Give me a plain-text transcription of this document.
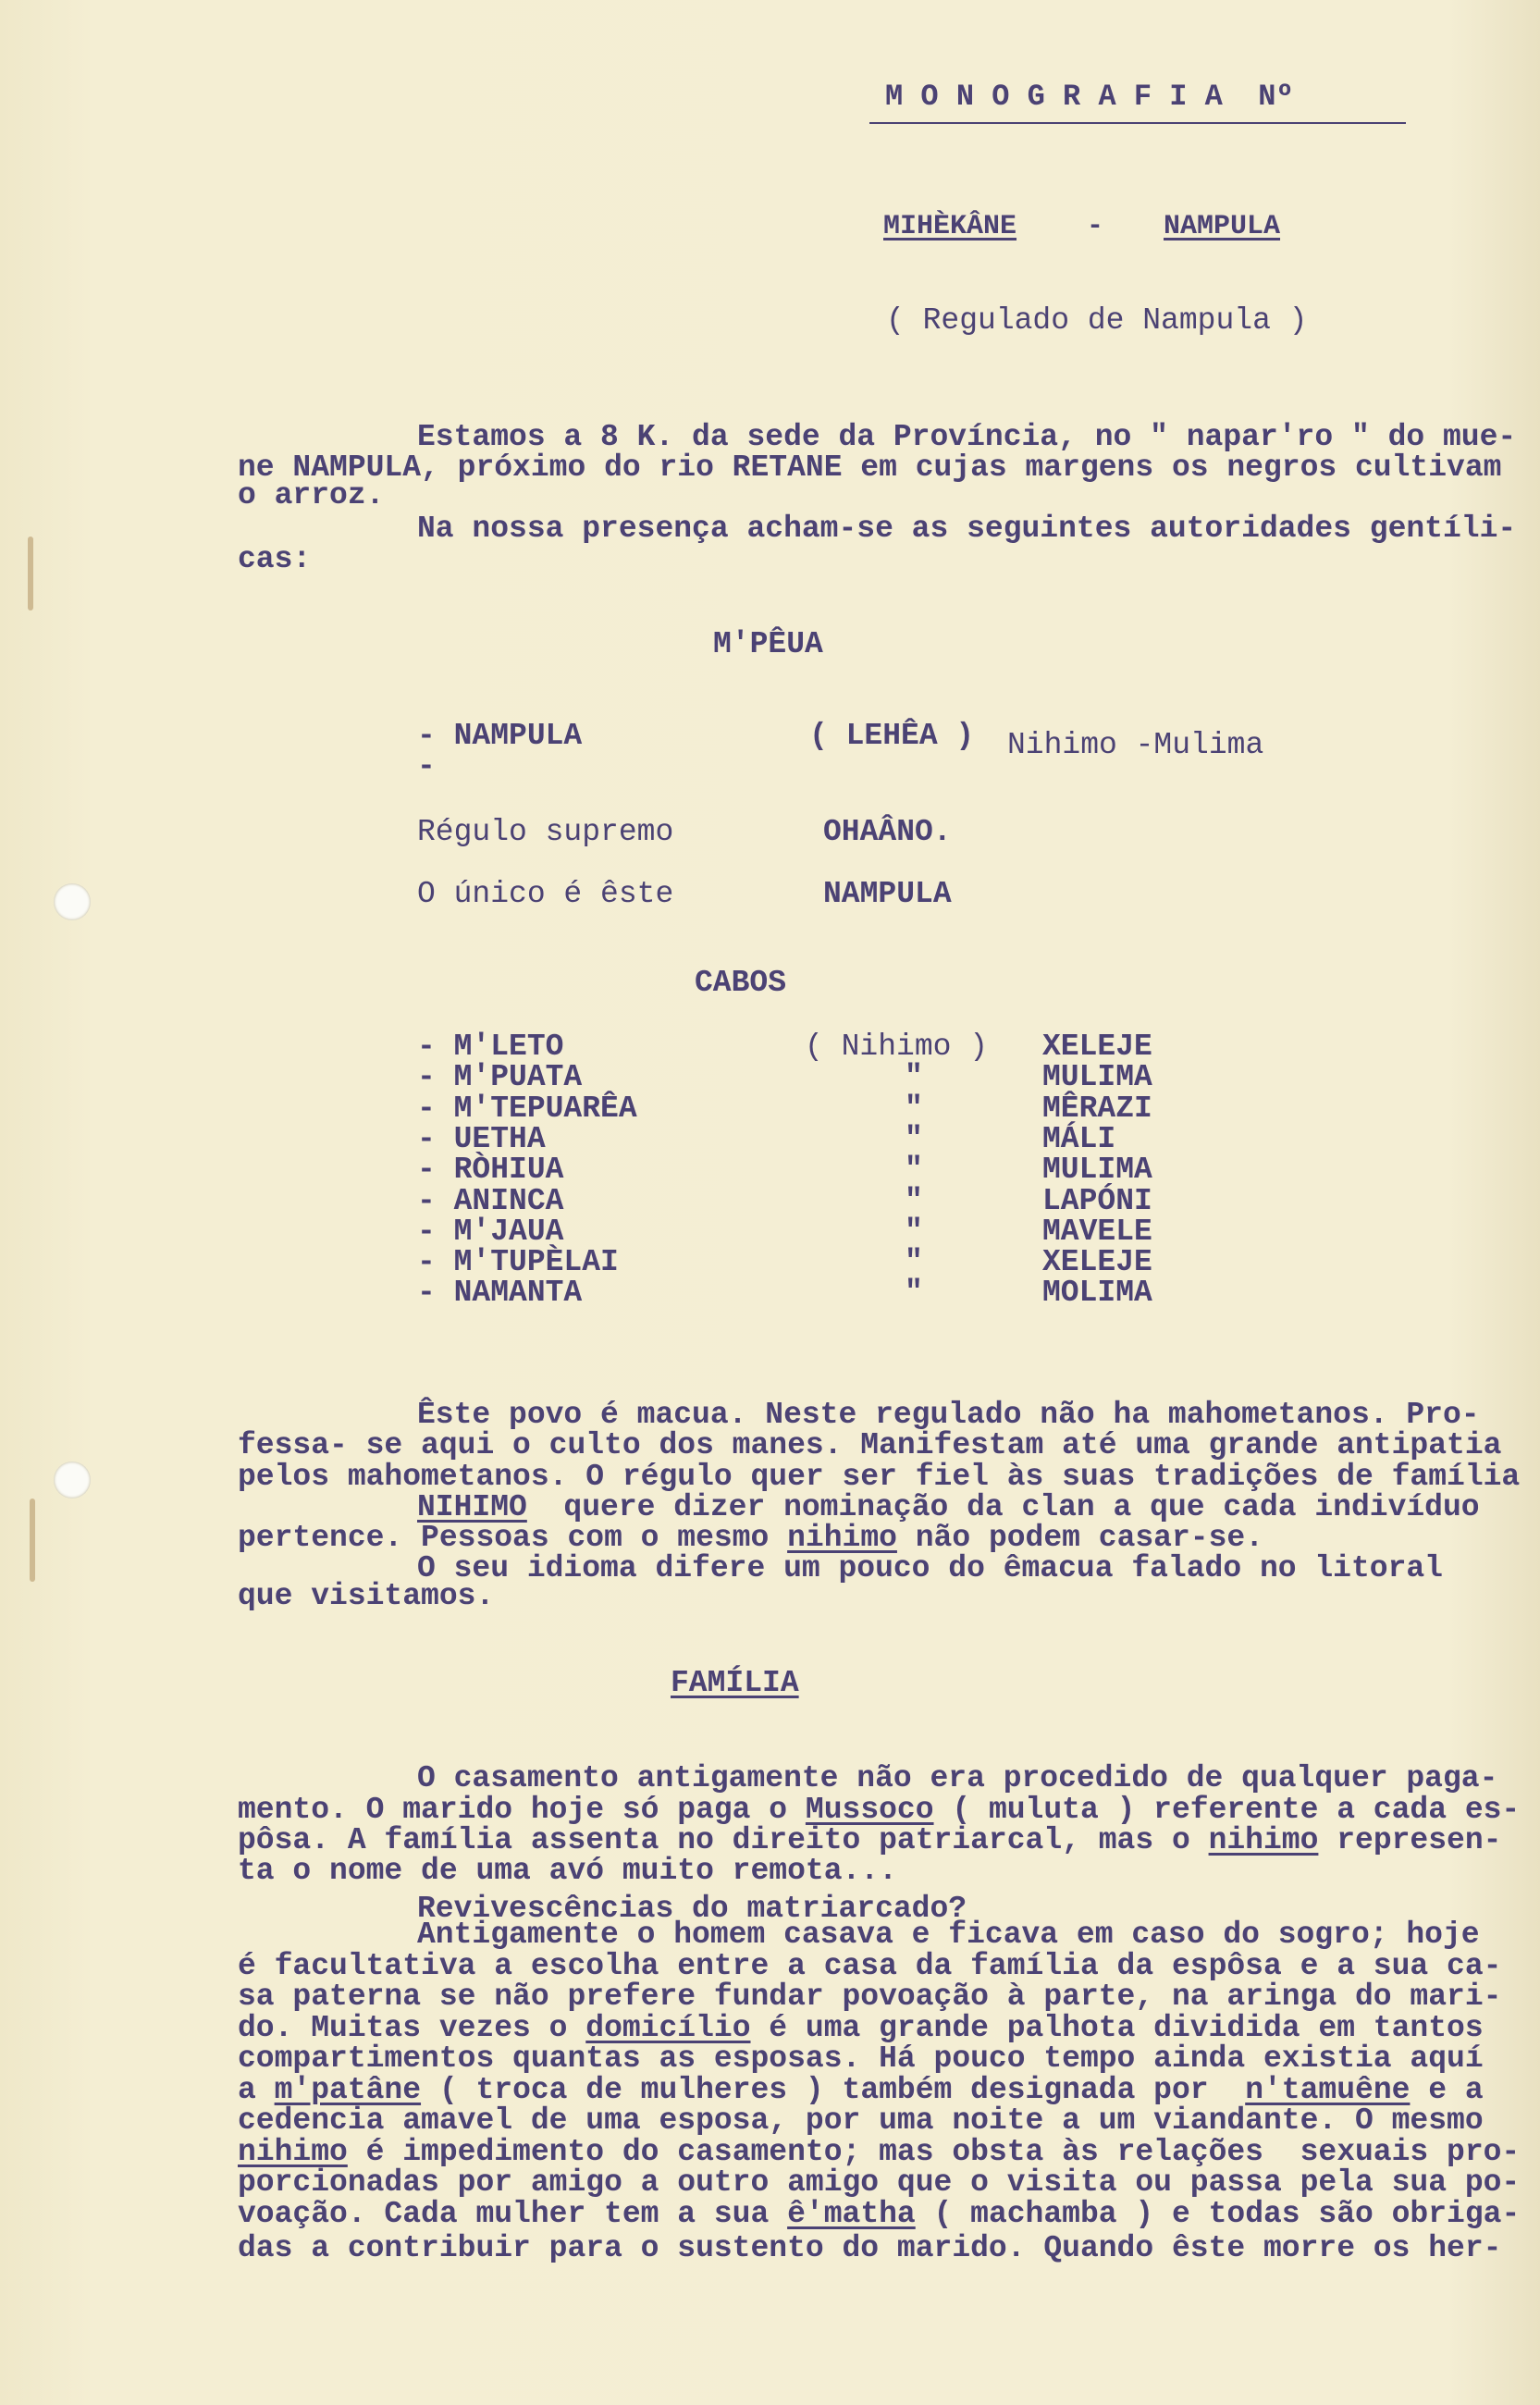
M O N O G R A F I A  Nº
MIHÈKÂNE	- NAMPULA
( Regulado de Nampula )
Estamos a 8 K. da sede da Província, no " napar'ro " do mue-
ne NAMPULA, próximo do rio RETANE em cujas margens os negros cultivam
o arroz.
Na nossa presença acham-se as seguintes autoridades gentíli-
cas:
M'PÊUA
- NAMPULA	( LEHÊA ) Nihimo -Mulima
-
Régulo supremo	OHAÂNO.
O único é êste	NAMPULA
CABOS
- M'LETO	( Nihimo ) XELEJE
- M'PUATA	"	MULIMA
- M'TEPUARÊA	"	MÊRAZI
- UETHA	"	MÁLI
- RÒHIUA	"	MULIMA
- ANINCA	"	LAPÓNI
- M'JAUA	"	MAVELE
- M'TUPÈLAI	"	XELEJE
- NAMANTA	"	MOLIMA
Êste povo é macua. Neste regulado não ha mahometanos. Pro-
fessa- se aqui o culto dos manes. Manifestam até uma grande antipatia
pelos mahometanos. O régulo quer ser fiel às suas tradições de família
NIHIMO  quere dizer nominação da clan a que cada indivíduo
pertence. Pessoas com o mesmo nihimo não podem casar-se.
O seu idioma difere um pouco do êmacua falado no litoral
que visitamos.
FAMÍLIA
O casamento antigamente não era procedido de qualquer paga-
mento. O marido hoje só paga o Mussoco ( muluta ) referente a cada es-
pôsa. A família assenta no direito patriarcal, mas o nihimo represen-
ta o nome de uma avó muito remota...
Revivescências do matriarcado?
Antigamente o homem casava e ficava em caso do sogro; hoje
é facultativa a escolha entre a casa da família da espôsa e a sua ca-
sa paterna se não prefere fundar povoação à parte, na aringa do mari-
do. Muitas vezes o domicílio é uma grande palhota dividida em tantos
compartimentos quantas as esposas. Há pouco tempo ainda existia aquí
a m'patâne ( troca de mulheres ) também designada por  n'tamuêne e a
cedencia amavel de uma esposa, por uma noite a um viandante. O mesmo
nihimo é impedimento do casamento; mas obsta às relações  sexuais pro-
porcionadas por amigo a outro amigo que o visita ou passa pela sua po-
voação. Cada mulher tem a sua ê'matha ( machamba ) e todas são obriga-
das a contribuir para o sustento do marido. Quando êste morre os her-
